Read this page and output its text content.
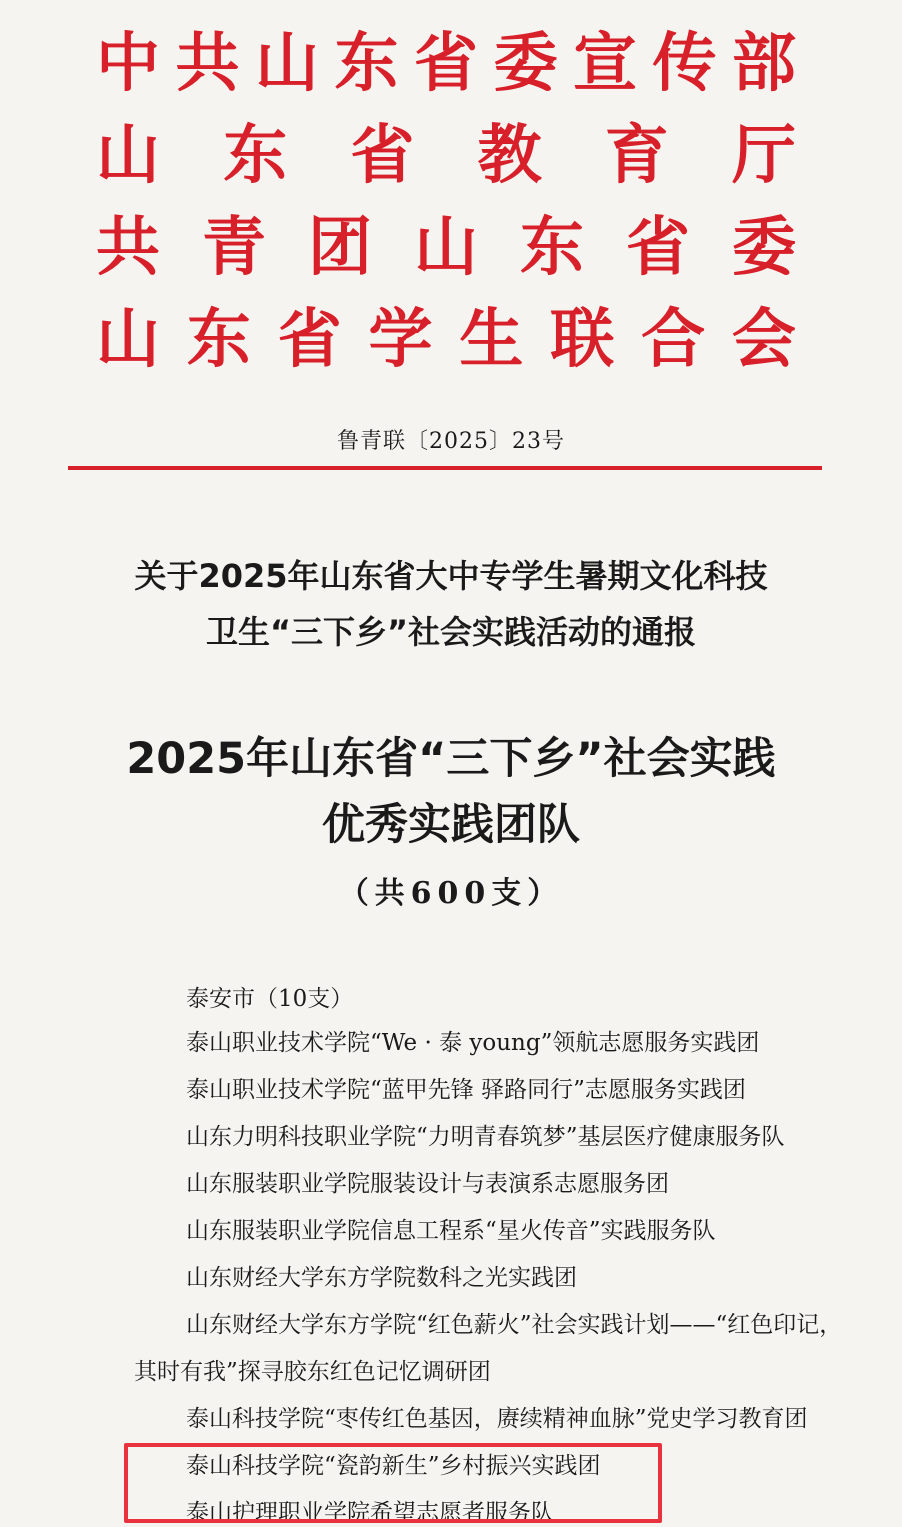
中 共 山 东 省 委 宣 传 部
山 东 省 教 育 厅
共 青 团 山 东 省 委
山 东 省 学 生 联 合 会
鲁青联〔2025〕23号
关于2025年山东省大中专学生暑期文化科技
卫生“三下乡”社会实践活动的通报
2025年山东省“三下乡”社会实践
优秀实践团队
（共600支）
泰安市（10支）
泰山职业技术学院“We · 泰 young”领航志愿服务实践团
泰山职业技术学院“蓝甲先锋 驿路同行”志愿服务实践团
山东力明科技职业学院“力明青春筑梦”基层医疗健康服务队
山东服装职业学院服装设计与表演系志愿服务团
山东服装职业学院信息工程系“星火传音”实践服务队
山东财经大学东方学院数科之光实践团
山东财经大学东方学院“红色薪火”社会实践计划——“红色印记，其时有我”探寻胶东红色记忆调研团
泰山科技学院“枣传红色基因，赓续精神血脉”党史学习教育团
泰山科技学院“瓷韵新生”乡村振兴实践团
泰山护理职业学院希望志愿者服务队
